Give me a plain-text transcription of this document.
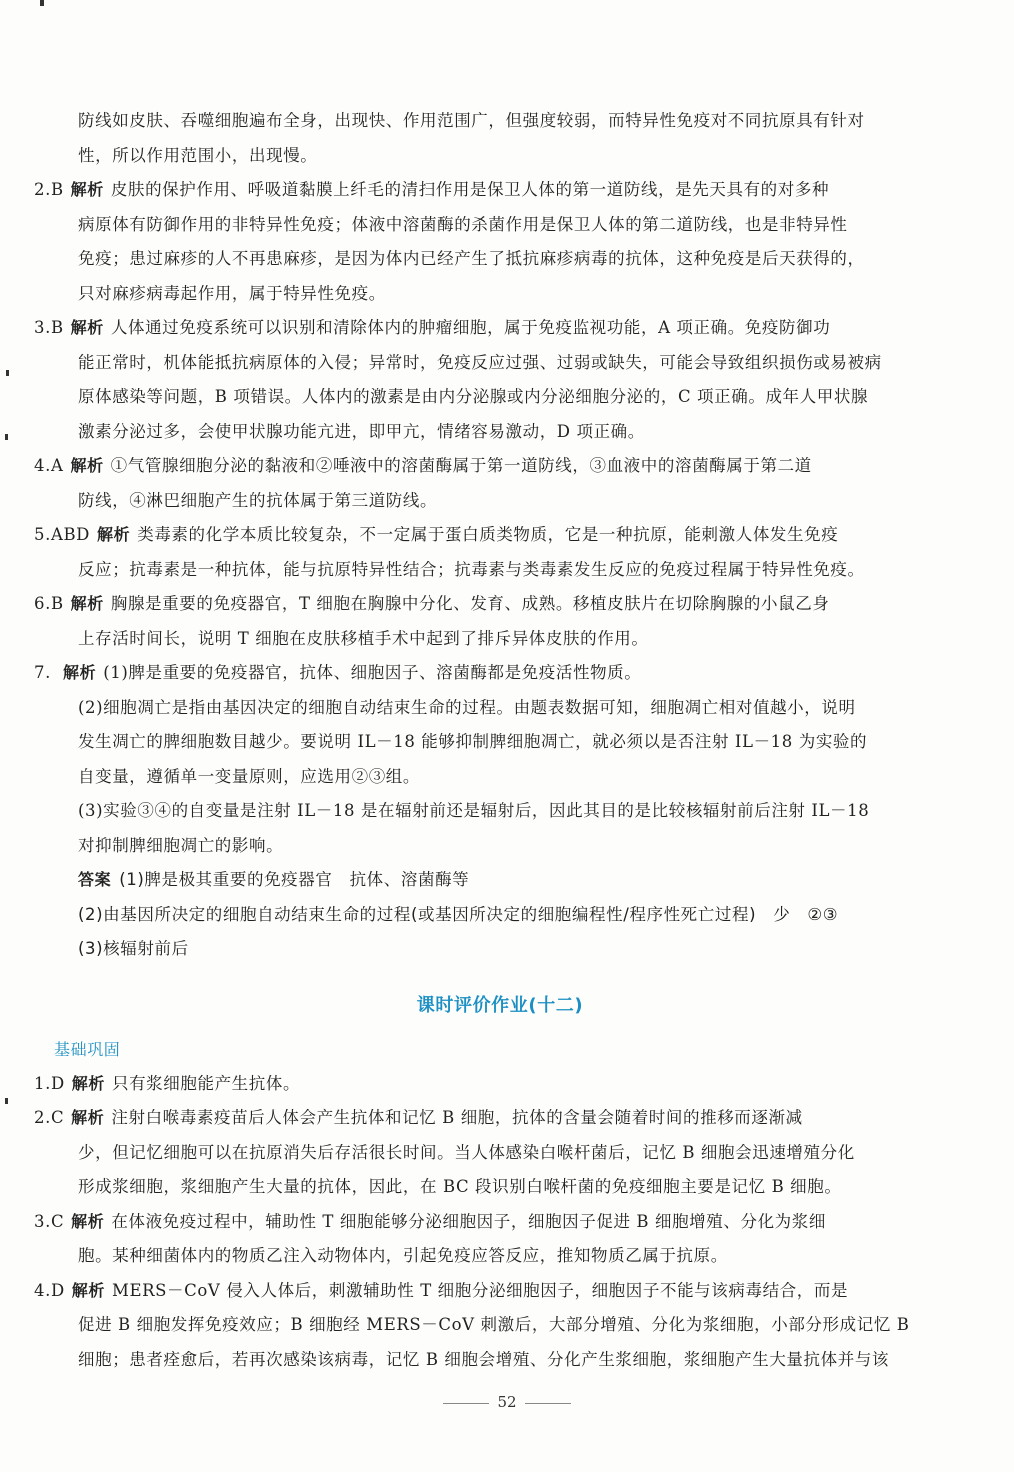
防线如皮肤、吞噬细胞遍布全身，出现快、作用范围广，但强度较弱，而特异性免疫对不同抗原具有针对

性，所以作用范围小，出现慢。

2.B 解析 皮肤的保护作用、呼吸道黏膜上纤毛的清扫作用是保卫人体的第一道防线，是先天具有的对多种

病原体有防御作用的非特异性免疫；体液中溶菌酶的杀菌作用是保卫人体的第二道防线，也是非特异性

免疫；患过麻疹的人不再患麻疹，是因为体内已经产生了抵抗麻疹病毒的抗体，这种免疫是后天获得的，

只对麻疹病毒起作用，属于特异性免疫。

3.B 解析 人体通过免疫系统可以识别和清除体内的肿瘤细胞，属于免疫监视功能，A 项正确。免疫防御功

能正常时，机体能抵抗病原体的入侵；异常时，免疫反应过强、过弱或缺失，可能会导致组织损伤或易被病

原体感染等问题，B 项错误。人体内的激素是由内分泌腺或内分泌细胞分泌的，C 项正确。成年人甲状腺

激素分泌过多，会使甲状腺功能亢进，即甲亢，情绪容易激动，D 项正确。

4.A 解析 ①气管腺细胞分泌的黏液和②唾液中的溶菌酶属于第一道防线，③血液中的溶菌酶属于第二道

防线，④淋巴细胞产生的抗体属于第三道防线。

5.ABD 解析 类毒素的化学本质比较复杂，不一定属于蛋白质类物质，它是一种抗原，能刺激人体发生免疫

反应；抗毒素是一种抗体，能与抗原特异性结合；抗毒素与类毒素发生反应的免疫过程属于特异性免疫。

6.B 解析 胸腺是重要的免疫器官，T 细胞在胸腺中分化、发育、成熟。移植皮肤片在切除胸腺的小鼠乙身

上存活时间长，说明 T 细胞在皮肤移植手术中起到了排斥异体皮肤的作用。

7. 解析 (1)脾是重要的免疫器官，抗体、细胞因子、溶菌酶都是免疫活性物质。

(2)细胞凋亡是指由基因决定的细胞自动结束生命的过程。由题表数据可知，细胞凋亡相对值越小，说明

发生凋亡的脾细胞数目越少。要说明 IL－18 能够抑制脾细胞凋亡，就必须以是否注射 IL－18 为实验的

自变量，遵循单一变量原则，应选用②③组。

(3)实验③④的自变量是注射 IL－18 是在辐射前还是辐射后，因此其目的是比较核辐射前后注射 IL－18

对抑制脾细胞凋亡的影响。

答案 (1)脾是极其重要的免疫器官　抗体、溶菌酶等

(2)由基因所决定的细胞自动结束生命的过程(或基因所决定的细胞编程性/程序性死亡过程)　少　②③

(3)核辐射前后

课时评价作业(十二)
基础巩固

1.D 解析 只有浆细胞能产生抗体。

2.C 解析 注射白喉毒素疫苗后人体会产生抗体和记忆 B 细胞，抗体的含量会随着时间的推移而逐渐减

少，但记忆细胞可以在抗原消失后存活很长时间。当人体感染白喉杆菌后，记忆 B 细胞会迅速增殖分化

形成浆细胞，浆细胞产生大量的抗体，因此，在 BC 段识别白喉杆菌的免疫细胞主要是记忆 B 细胞。

3.C 解析 在体液免疫过程中，辅助性 T 细胞能够分泌细胞因子，细胞因子促进 B 细胞增殖、分化为浆细

胞。某种细菌体内的物质乙注入动物体内，引起免疫应答反应，推知物质乙属于抗原。

4.D 解析 MERS－CoV 侵入人体后，刺激辅助性 T 细胞分泌细胞因子，细胞因子不能与该病毒结合，而是

促进 B 细胞发挥免疫效应；B 细胞经 MERS－CoV 刺激后，大部分增殖、分化为浆细胞，小部分形成记忆 B

细胞；患者痊愈后，若再次感染该病毒，记忆 B 细胞会增殖、分化产生浆细胞，浆细胞产生大量抗体并与该

52
